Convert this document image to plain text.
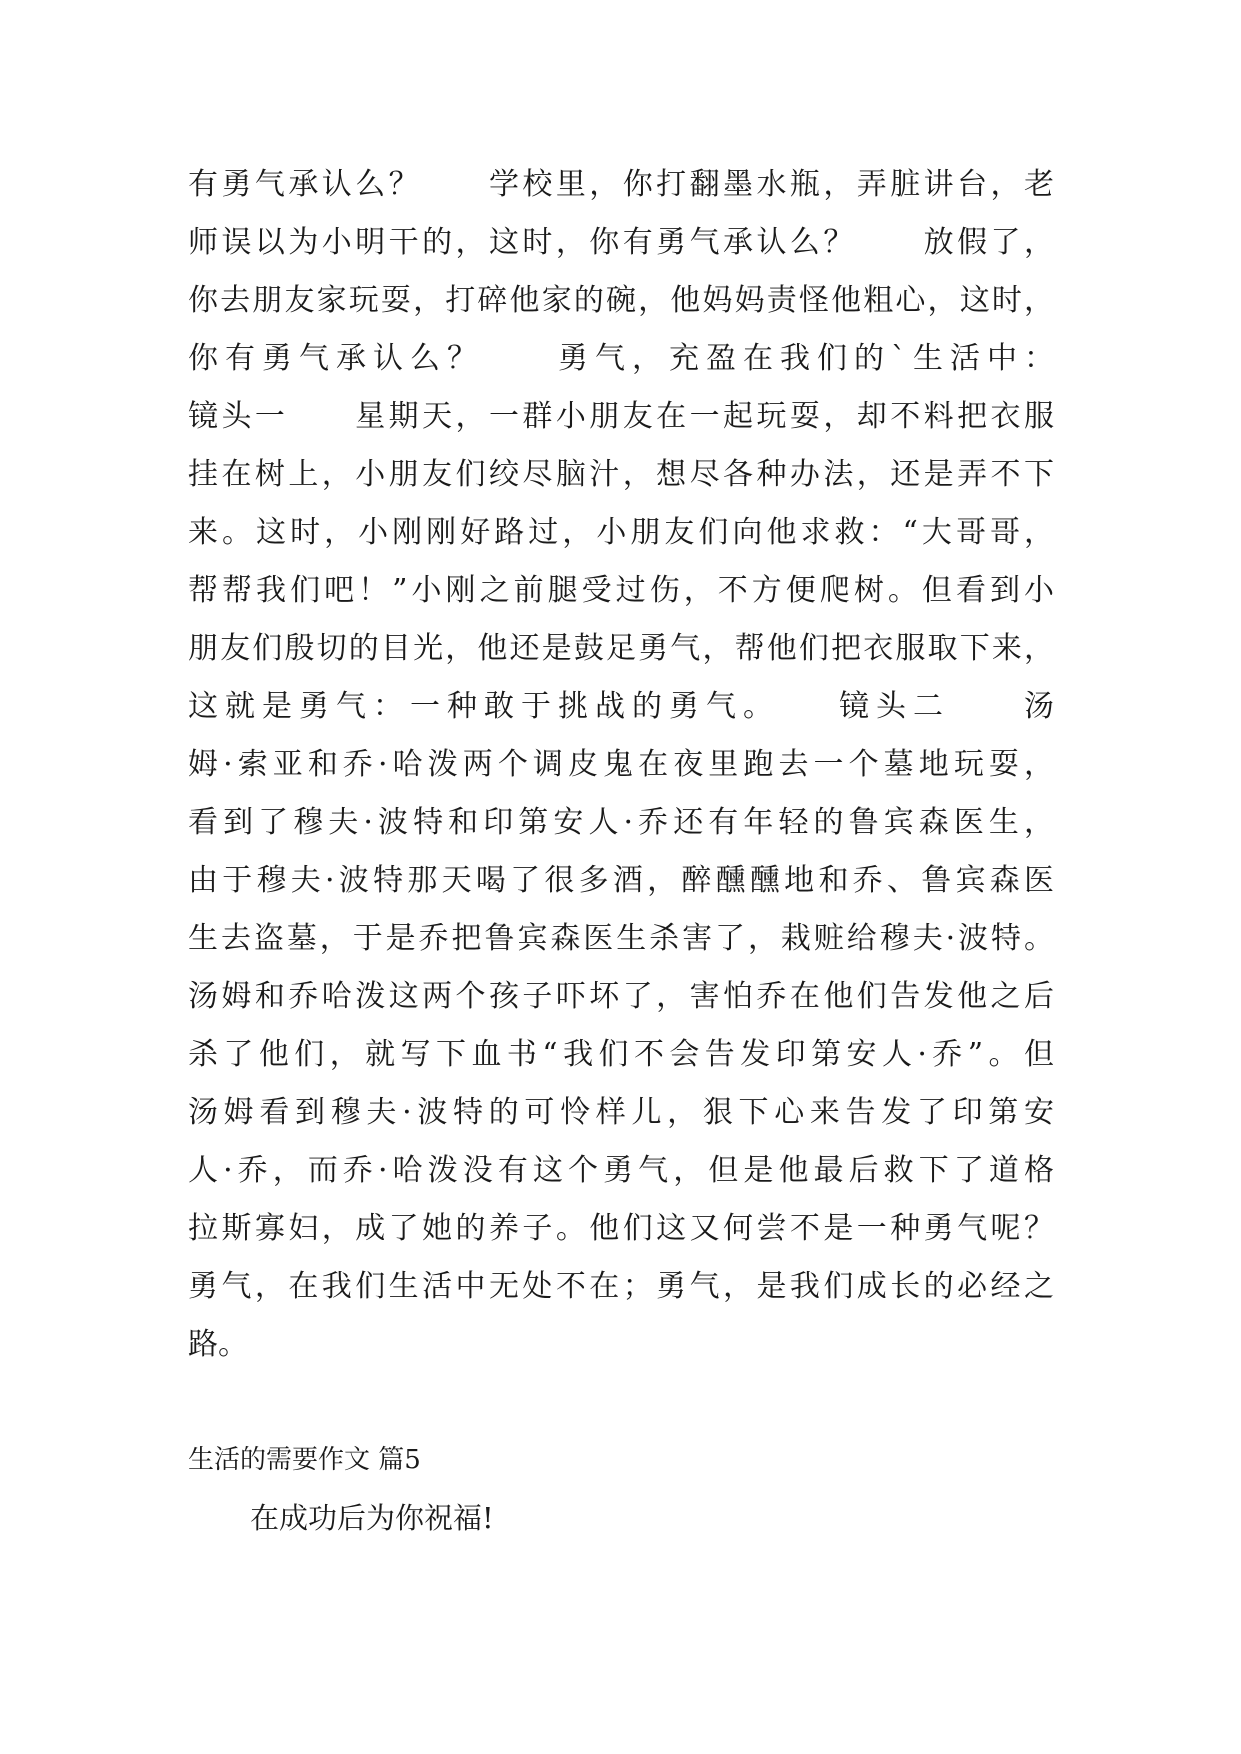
有勇气承认么？　　学校里，你打翻墨水瓶，弄脏讲台，老
师误以为小明干的，这时，你有勇气承认么？　　放假了，
你去朋友家玩耍，打碎他家的碗，他妈妈责怪他粗心，这时，
你有勇气承认么？　　勇气，充盈在我们的`生活中：
镜头一　　星期天，一群小朋友在一起玩耍，却不料把衣服
挂在树上，小朋友们绞尽脑汁，想尽各种办法，还是弄不下
来。这时，小刚刚好路过，小朋友们向他求救：“大哥哥，
帮帮我们吧！”小刚之前腿受过伤，不方便爬树。但看到小
朋友们殷切的目光，他还是鼓足勇气，帮他们把衣服取下来，
这就是勇气：一种敢于挑战的勇气。　　镜头二　　汤
姆·索亚和乔·哈泼两个调皮鬼在夜里跑去一个墓地玩耍，
看到了穆夫·波特和印第安人·乔还有年轻的鲁宾森医生，
由于穆夫·波特那天喝了很多酒，醉醺醺地和乔、鲁宾森医
生去盗墓，于是乔把鲁宾森医生杀害了，栽赃给穆夫·波特。
汤姆和乔哈泼这两个孩子吓坏了，害怕乔在他们告发他之后
杀了他们，就写下血书“我们不会告发印第安人·乔”。但
汤姆看到穆夫·波特的可怜样儿，狠下心来告发了印第安
人·乔，而乔·哈泼没有这个勇气，但是他最后救下了道格
拉斯寡妇，成了她的养子。他们这又何尝不是一种勇气呢？
勇气，在我们生活中无处不在；勇气，是我们成长的必经之
路。
生活的需要作文 篇5
在成功后为你祝福!
